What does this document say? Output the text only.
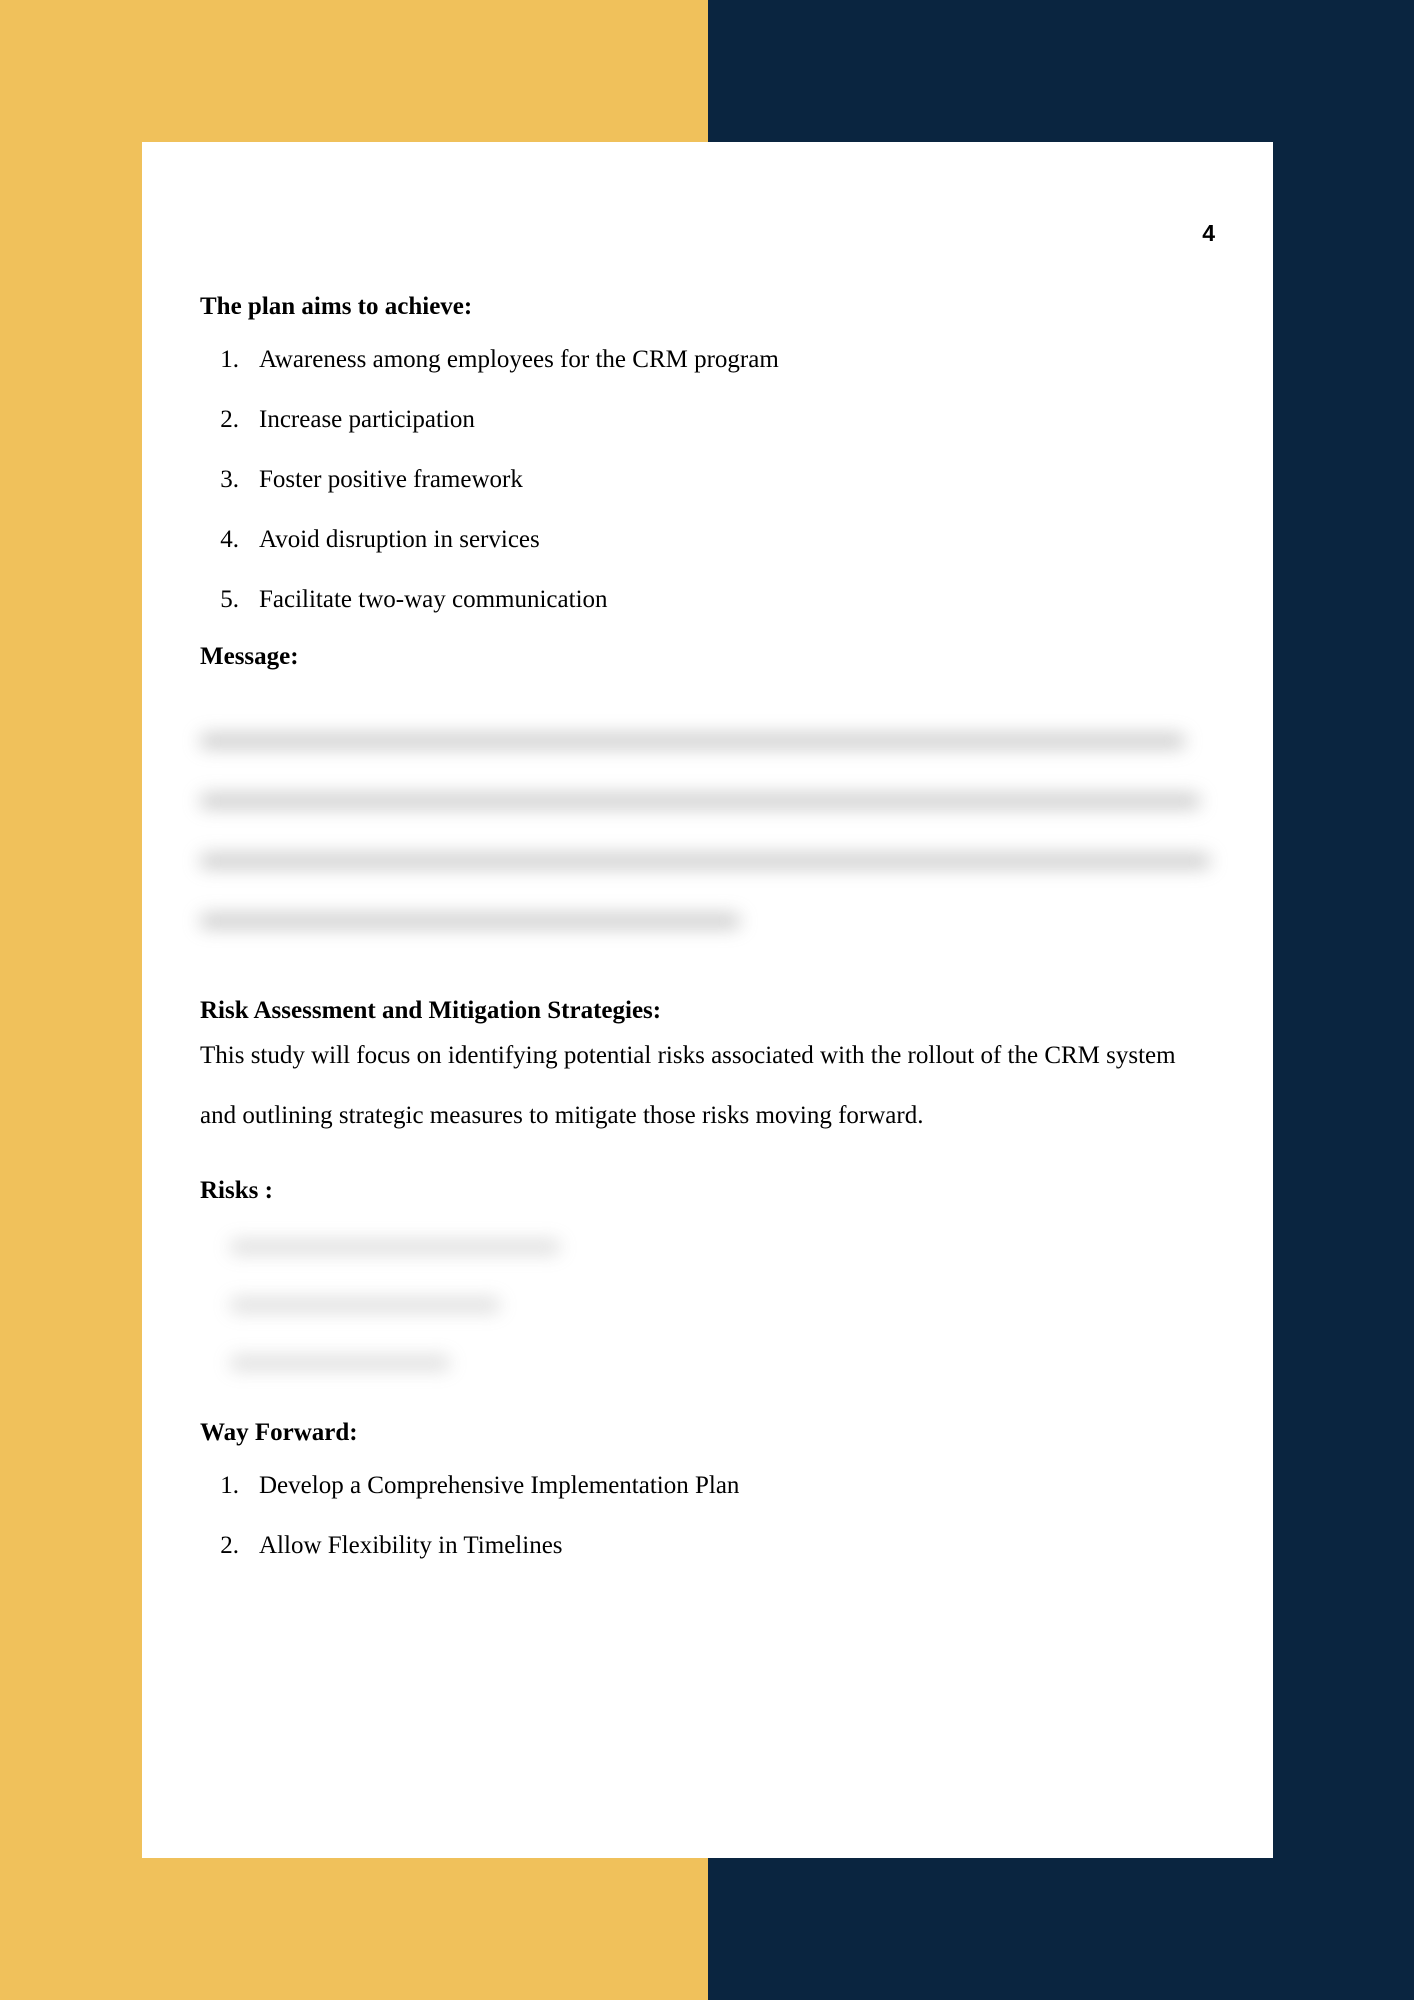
4

The plan aims to achieve:

1. Awareness among employees for the CRM program
2. Increase participation
3. Foster positive framework
4. Avoid disruption in services
5. Facilitate two-way communication

Message:

Risk Assessment and Mitigation Strategies:

This study will focus on identifying potential risks associated with the rollout of the CRM system and outlining strategic measures to mitigate those risks moving forward.

Risks :

Way Forward:

1. Develop a Comprehensive Implementation Plan
2. Allow Flexibility in Timelines
